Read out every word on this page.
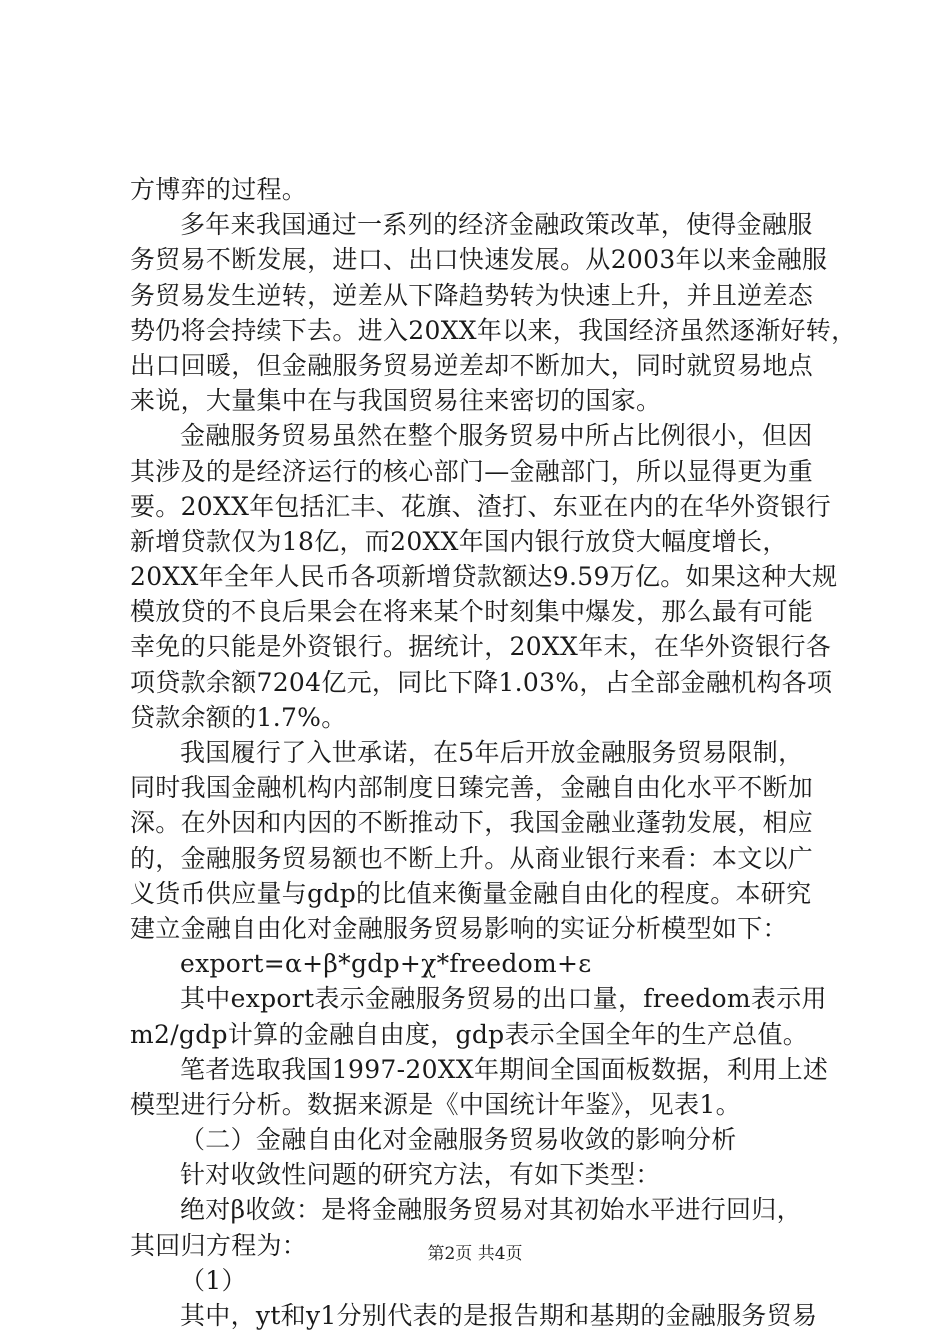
方博弈的过程。
多年来我国通过一系列的经济金融政策改革，使得金融服
务贸易不断发展，进口、出口快速发展。从2003年以来金融服
务贸易发生逆转，逆差从下降趋势转为快速上升，并且逆差态
势仍将会持续下去。进入20XX年以来，我国经济虽然逐渐好转，
出口回暖，但金融服务贸易逆差却不断加大，同时就贸易地点
来说，大量集中在与我国贸易往来密切的国家。
金融服务贸易虽然在整个服务贸易中所占比例很小，但因
其涉及的是经济运行的核心部门—金融部门，所以显得更为重
要。20XX年包括汇丰、花旗、渣打、东亚在内的在华外资银行
新增贷款仅为18亿，而20XX年国内银行放贷大幅度增长，
20XX年全年人民币各项新增贷款额达9.59万亿。如果这种大规
模放贷的不良后果会在将来某个时刻集中爆发，那么最有可能
幸免的只能是外资银行。据统计，20XX年末，在华外资银行各
项贷款余额7204亿元，同比下降1.03%，占全部金融机构各项
贷款余额的1.7%。
我国履行了入世承诺，在5年后开放金融服务贸易限制，
同时我国金融机构内部制度日臻完善，金融自由化水平不断加
深。在外因和内因的不断推动下，我国金融业蓬勃发展，相应
的，金融服务贸易额也不断上升。从商业银行来看：本文以广
义货币供应量与gdp的比值来衡量金融自由化的程度。本研究
建立金融自由化对金融服务贸易影响的实证分析模型如下：
export=α+β*gdp+χ*freedom+ε
其中export表示金融服务贸易的出口量，freedom表示用
m2/gdp计算的金融自由度，gdp表示全国全年的生产总值。
笔者选取我国1997-20XX年期间全国面板数据，利用上述
模型进行分析。数据来源是《中国统计年鉴》，见表1。
（二）金融自由化对金融服务贸易收敛的影响分析
针对收敛性问题的研究方法，有如下类型：
绝对β收敛：是将金融服务贸易对其初始水平进行回归，
其回归方程为：
（1）
其中，yt和y1分别代表的是报告期和基期的金融服务贸易
第2页 共4页
